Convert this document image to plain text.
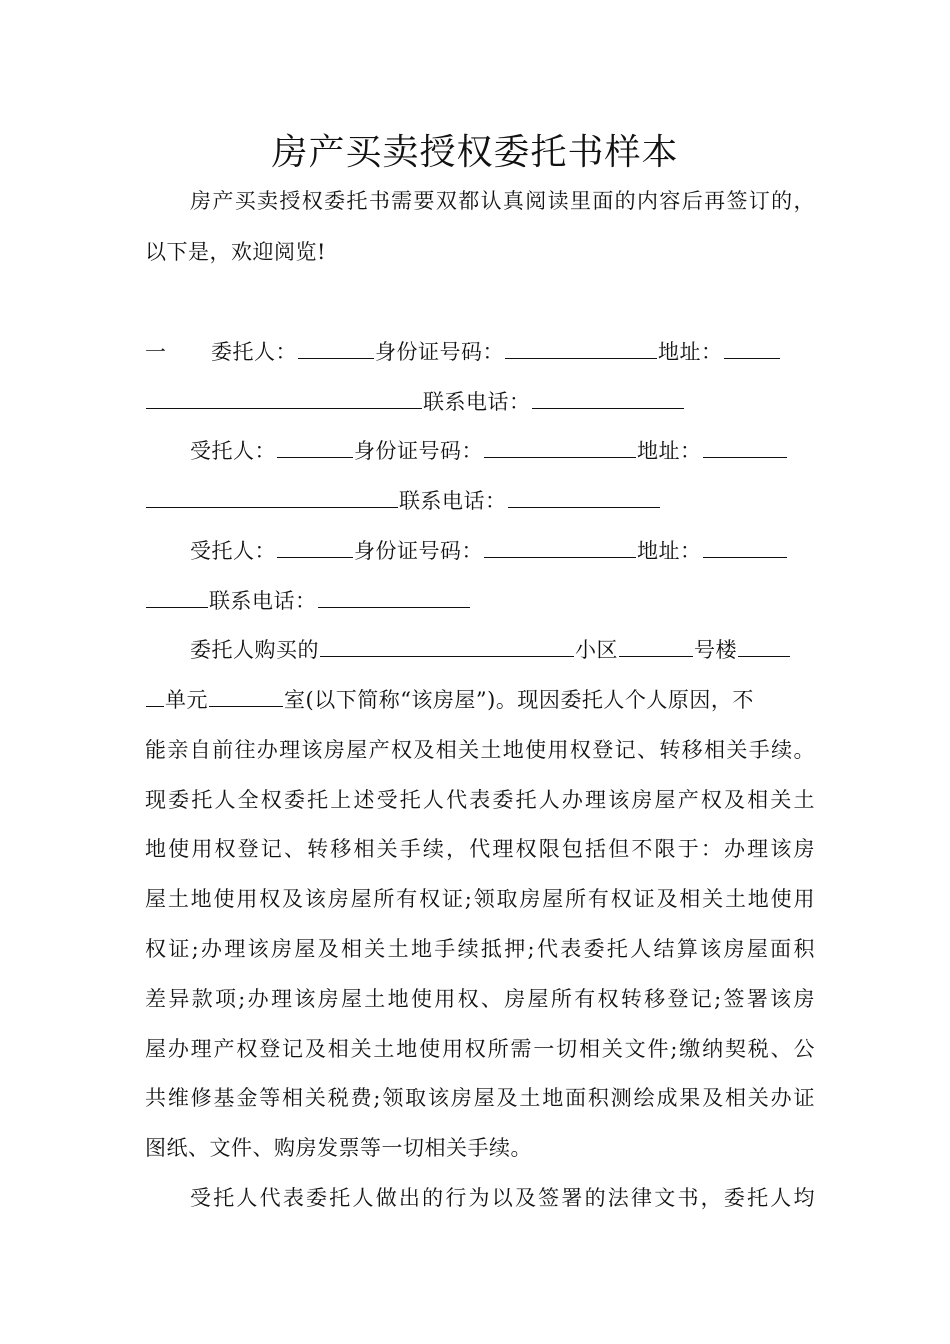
房产买卖授权委托书样本
房产买卖授权委托书需要双都认真阅读里面的内容后再签订的，
以下是，欢迎阅览!
一 委托人：	身份证号码：	地址：
联系电话：
受托人：	身份证号码：	地址：
联系电话：
受托人：	身份证号码：	地址：
联系电话：
委托人购买的	小区	号楼
单元	室(以下简称“该房屋”)。现因委托人个人原因，不
能亲自前往办理该房屋产权及相关土地使用权登记、转移相关手续。
现委托人全权委托上述受托人代表委托人办理该房屋产权及相关土
地使用权登记、转移相关手续，代理权限包括但不限于：办理该房
屋土地使用权及该房屋所有权证;领取房屋所有权证及相关土地使用
权证;办理该房屋及相关土地手续抵押;代表委托人结算该房屋面积
差异款项;办理该房屋土地使用权、房屋所有权转移登记;签署该房
屋办理产权登记及相关土地使用权所需一切相关文件;缴纳契税、公
共维修基金等相关税费;领取该房屋及土地面积测绘成果及相关办证
图纸、文件、购房发票等一切相关手续。
受托人代表委托人做出的行为以及签署的法律文书，委托人均
